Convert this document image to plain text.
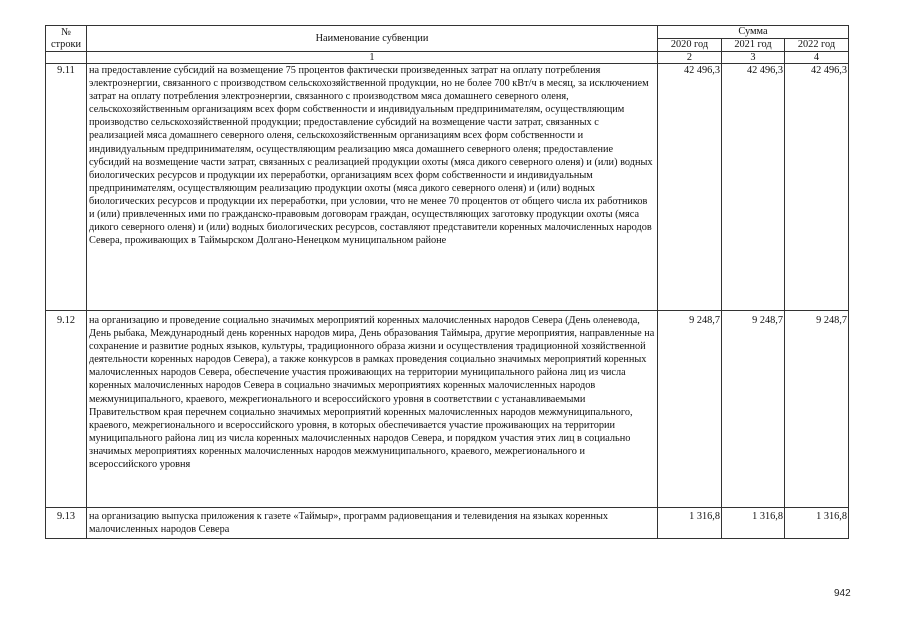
№
строки	Наименование субвенции	Сумма		
		2020 год	2021 год	2022 год
	1	2	3	4
9.11	на предоставление субсидий на возмещение 75 процентов фактически произведенных затрат на оплату потребления электроэнергии, связанного с производством сельскохозяйственной продукции, но не более 700 кВт/ч в месяц, за исключением затрат на оплату потребления электроэнергии, связанного с производством мяса домашнего северного оленя, сельскохозяйственным организациям всех форм собственности и индивидуальным предпринимателям, осуществляющим производство сельскохозяйственной продукции; предоставление субсидий на возмещение части затрат, связанных с реализацией мяса домашнего северного оленя, сельскохозяйственным организациям всех форм собственности и индивидуальным предпринимателям, осуществляющим реализацию мяса домашнего северного оленя; предоставление субсидий на возмещение части затрат, связанных с реализацией продукции охоты (мяса дикого северного оленя) и (или) водных биологических ресурсов и продукции их переработки, организациям всех форм собственности и индивидуальным предпринимателям, осуществляющим реализацию продукции охоты (мяса дикого северного оленя) и (или) водных биологических ресурсов и продукции их переработки, при условии, что не менее 70 процентов от общего числа их работников и (или) привлеченных ими по гражданско-правовым договорам граждан, осуществляющих заготовку продукции охоты (мяса дикого северного оленя) и (или) водных биологических ресурсов, составляют представители коренных малочисленных народов Севера, проживающих в Таймырском Долгано-Ненецком муниципальном районе	42 496,3	42 496,3	42 496,3
9.12	на организацию и проведение социально значимых мероприятий коренных малочисленных народов Севера (День оленевода, День рыбака, Международный день коренных народов мира, День образования Таймыра, другие мероприятия, направленные на сохранение и развитие родных языков, культуры, традиционного образа жизни и осуществления традиционной хозяйственной деятельности коренных народов Севера), а также конкурсов в рамках проведения социально значимых мероприятий коренных малочисленных народов Севера, обеспечение участия проживающих на территории муниципального района лиц из числа коренных малочисленных народов Севера в социально значимых мероприятиях коренных малочисленных народов межмуниципального, краевого, межрегионального и всероссийского уровня в соответствии с устанавливаемыми Правительством края перечнем социально значимых мероприятий коренных малочисленных народов межмуниципального, краевого, межрегионального и всероссийского уровня, в которых обеспечивается участие проживающих на территории муниципального района лиц из числа коренных малочисленных народов Севера, и порядком участия этих лиц в социально значимых мероприятиях коренных малочисленных народов межмуниципального, краевого, межрегионального и всероссийского уровня	9 248,7	9 248,7	9 248,7
9.13	на организацию выпуска приложения к газете «Таймыр», программ радиовещания и телевидения на языках коренных малочисленных народов Севера	1 316,8	1 316,8	1 316,8
942
